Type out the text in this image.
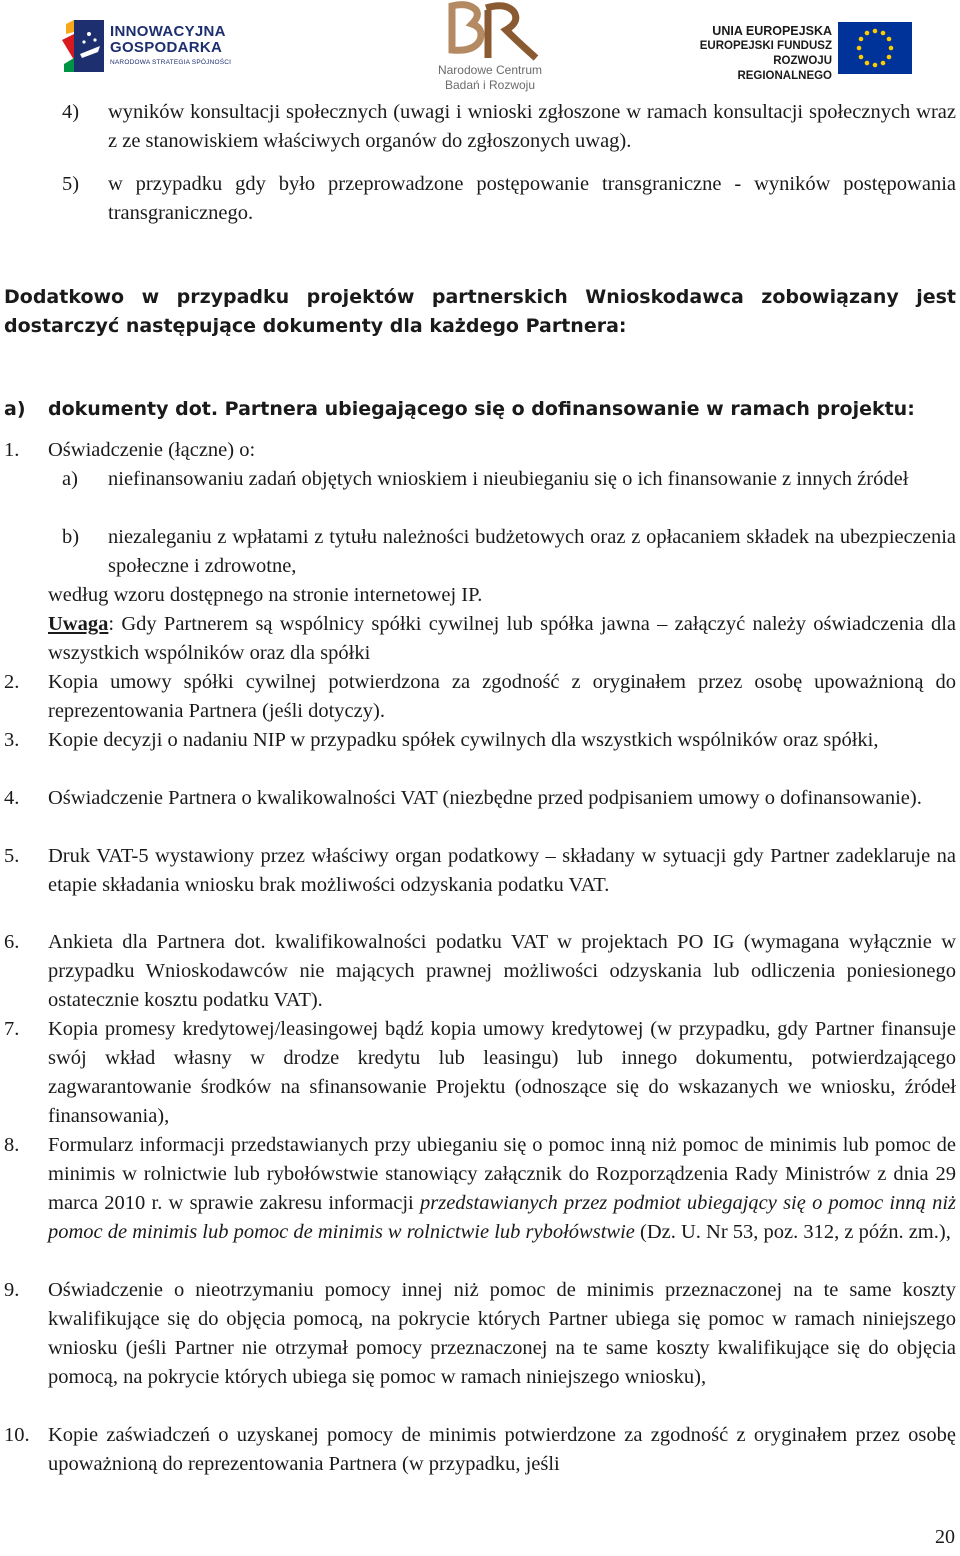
INNOWACYJNA
GOSPODARKA
NARODOWA STRATEGIA SPÓJNOŚCI
Narodowe Centrum
Badań i Rozwoju
UNIA EUROPEJSKA
EUROPEJSKI FUNDUSZ
ROZWOJU REGIONALNEGO
4) wyników konsultacji społecznych (uwagi i wnioski zgłoszone w ramach konsultacji społecznych wraz z ze stanowiskiem właściwych organów do zgłoszonych uwag).
5) w przypadku gdy było przeprowadzone postępowanie transgraniczne - wyników postępowania transgranicznego.
Dodatkowo w przypadku projektów partnerskich Wnioskodawca zobowiązany jest dostarczyć następujące dokumenty dla każdego Partnera:
a) dokumenty dot. Partnera ubiegającego się o dofinansowanie w ramach projektu:
1. Oświadczenie (łączne) o:
a) niefinansowaniu zadań objętych wnioskiem i nieubieganiu się o ich finansowanie z innych źródeł
b) niezaleganiu z wpłatami z tytułu należności budżetowych oraz z opłacaniem składek na ubezpieczenia społeczne i zdrowotne,
według wzoru dostępnego na stronie internetowej IP.
Uwaga: Gdy Partnerem są wspólnicy spółki cywilnej lub spółka jawna – załączyć należy oświadczenia dla wszystkich wspólników oraz dla spółki
2. Kopia umowy spółki cywilnej potwierdzona za zgodność z oryginałem przez osobę upoważnioną do reprezentowania Partnera (jeśli dotyczy).
3. Kopie decyzji o nadaniu NIP w przypadku spółek cywilnych dla wszystkich wspólników oraz spółki,
4. Oświadczenie Partnera o kwalikowalności VAT (niezbędne przed podpisaniem umowy o dofinansowanie).
5. Druk VAT-5 wystawiony przez właściwy organ podatkowy – składany w sytuacji gdy Partner zadeklaruje na etapie składania wniosku brak możliwości odzyskania podatku VAT.
6. Ankieta dla Partnera dot. kwalifikowalności podatku VAT w projektach PO IG (wymagana wyłącznie w przypadku Wnioskodawców nie mających prawnej możliwości odzyskania lub odliczenia poniesionego ostatecznie kosztu podatku VAT).
7. Kopia promesy kredytowej/leasingowej bądź kopia umowy kredytowej (w przypadku, gdy Partner finansuje swój wkład własny w drodze kredytu lub leasingu) lub innego dokumentu, potwierdzającego zagwarantowanie środków na sfinansowanie Projektu (odnoszące się do wskazanych we wniosku, źródeł finansowania),
8. Formularz informacji przedstawianych przy ubieganiu się o pomoc inną niż pomoc de minimis lub pomoc de minimis w rolnictwie lub rybołówstwie stanowiący załącznik do Rozporządzenia Rady Ministrów z dnia 29 marca 2010 r. w sprawie zakresu informacji przedstawianych przez podmiot ubiegający się o pomoc inną niż pomoc de minimis lub pomoc de minimis w rolnictwie lub rybołówstwie (Dz. U. Nr 53, poz. 312, z późn. zm.),
9. Oświadczenie o nieotrzymaniu pomocy innej niż pomoc de minimis przeznaczonej na te same koszty kwalifikujące się do objęcia pomocą, na pokrycie których Partner ubiega się pomoc w ramach niniejszego wniosku (jeśli Partner nie otrzymał pomocy przeznaczonej na te same koszty kwalifikujące się do objęcia pomocą, na pokrycie których ubiega się pomoc w ramach niniejszego wniosku),
10. Kopie zaświadczeń o uzyskanej pomocy de minimis potwierdzone za zgodność z oryginałem przez osobę upoważnioną do reprezentowania Partnera (w przypadku, jeśli
20
